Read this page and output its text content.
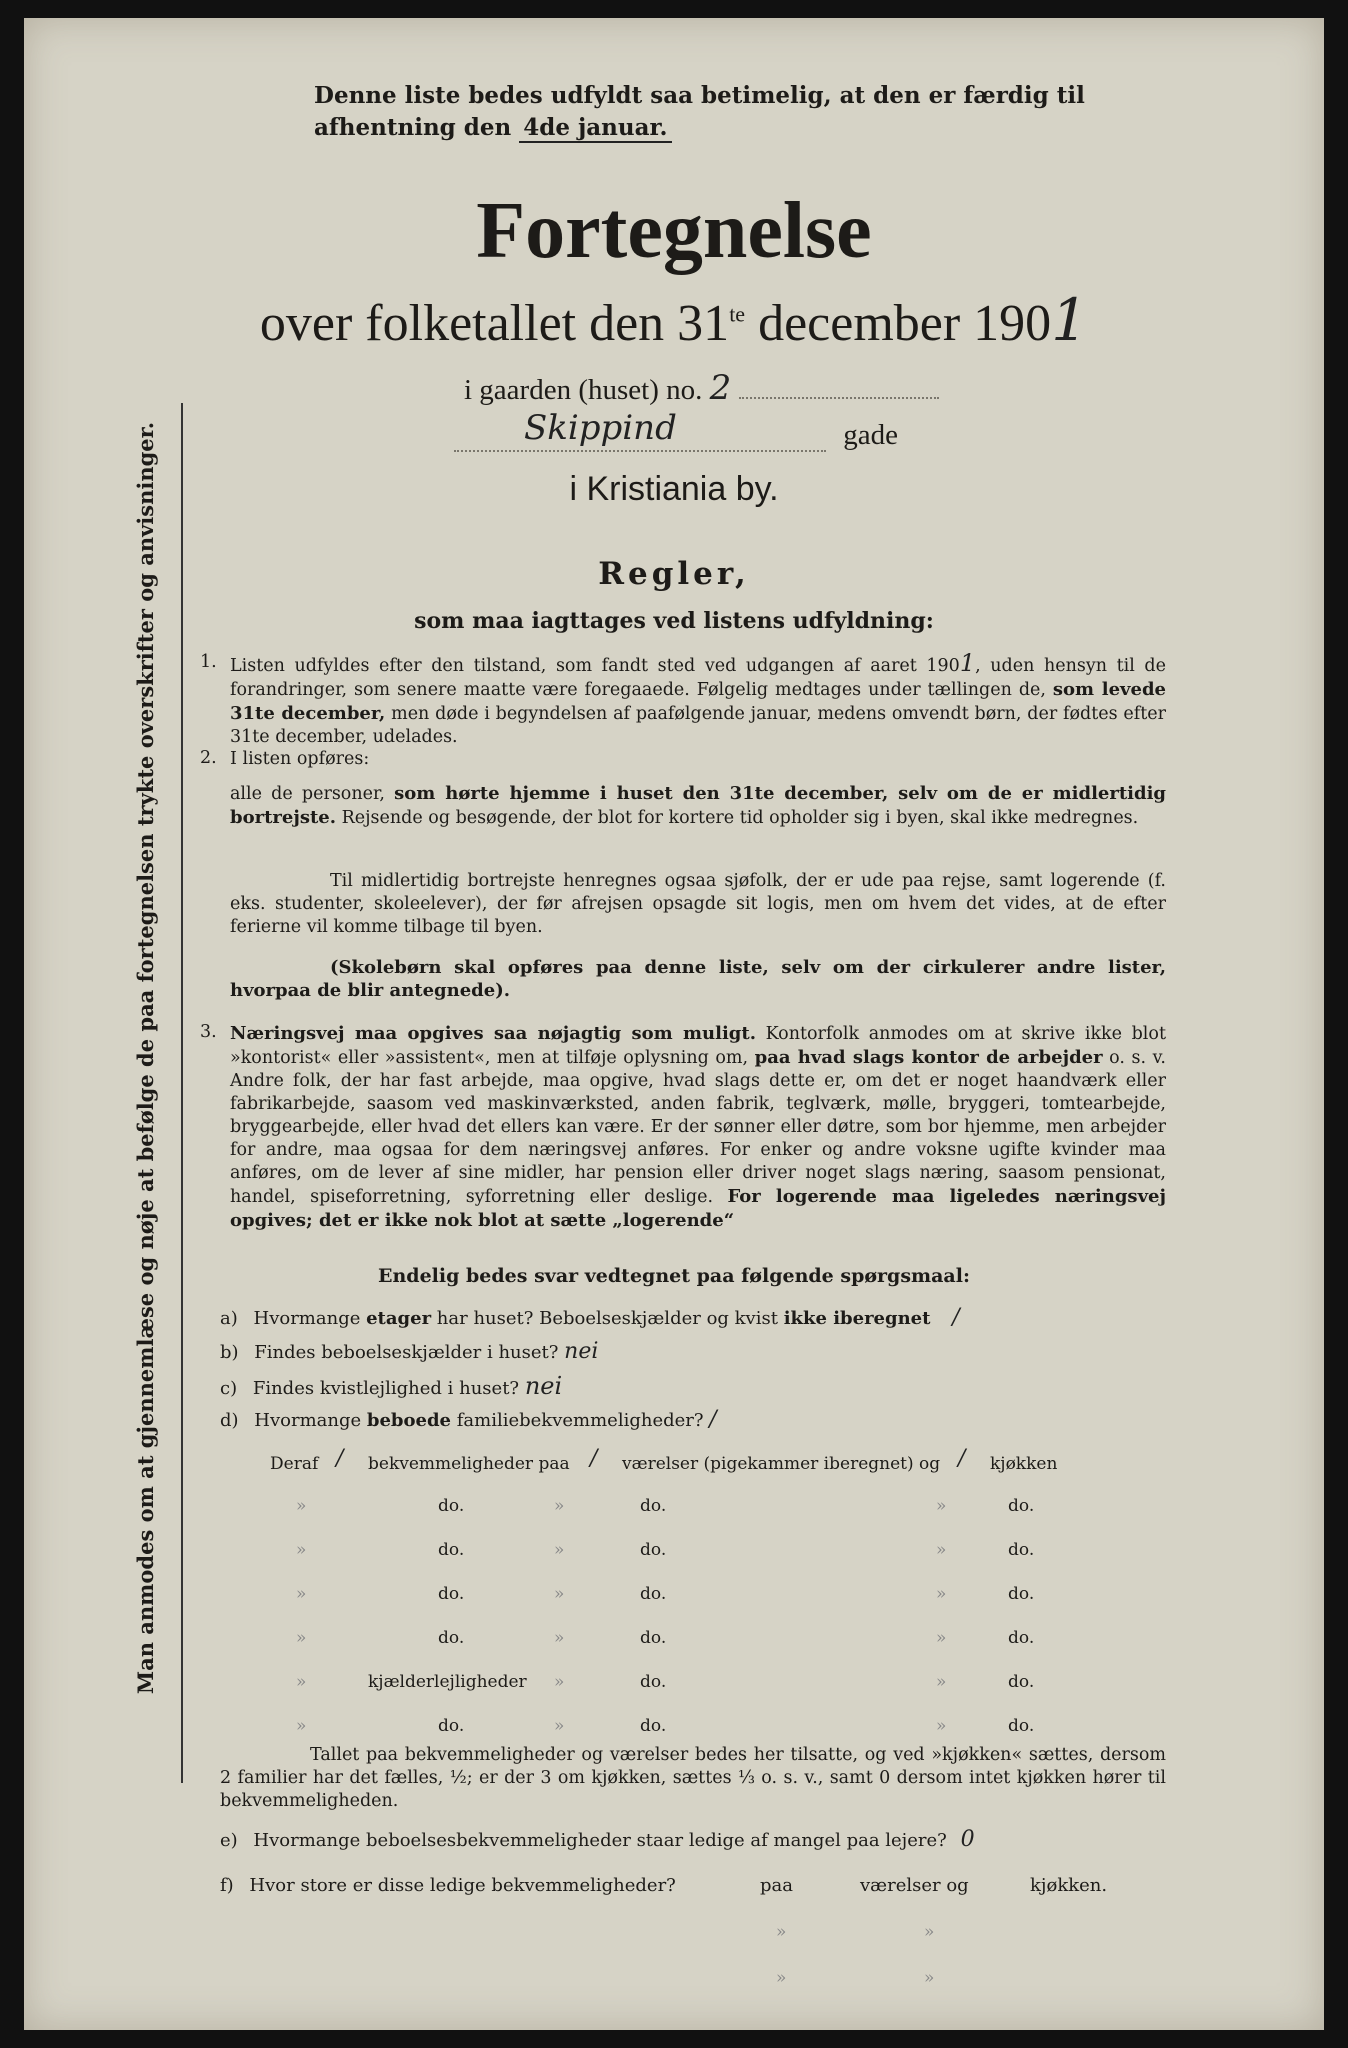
Denne liste bedes udfyldt saa betimelig, at den er færdig til
afhentning den 4de januar.
Fortegnelse
over folketallet den $31^{te}$ december 1901
i gaarden (huset) no. 2
Skippind	gade
i Kristiania by.
Man anmodes om at gjennemlæse og nøje at befølge de paa fortegnelsen trykte overskrifter og anvisninger.	Regler,
som maa iagttages ved listens udfyldning:
1. Listen udfyldes efter den tilstand, som fandt sted ved udgangen af aaret 1901, uden hensyn til de forandringer, som senere maatte være foregaaede. Følgelig medtages under tællingen de, som levede 31te december, men døde i begyndelsen af paafølgende januar, medens omvendt børn, der fødtes efter 31te december, udelades.
2. I listen opføres:
alle de personer, som hørte hjemme i huset den 31te december, selv om de er midlertidig bortrejste. Rejsende og besøgende, der blot for kortere tid opholder sig i byen, skal ikke medregnes.
Til midlertidig bortrejste henregnes ogsaa sjøfolk, der er ude paa rejse, samt logerende (f. eks. studenter, skoleelever), der før afrejsen opsagde sit logis, men om hvem det vides, at de efter ferierne vil komme tilbage til byen.
(Skolebørn skal opføres paa denne liste, selv om der cirkulerer andre lister, hvorpaa de blir antegnede).
3. Næringsvej maa opgives saa nøjagtig som muligt. Kontorfolk anmodes om at skrive ikke blot »kontorist« eller »assistent«, men at tilføje oplysning om, paa hvad slags kontor de arbejder o. s. v. Andre folk, der har fast arbejde, maa opgive, hvad slags dette er, om det er noget haandværk eller fabrikarbejde, saasom ved maskinværksted, anden fabrik, teglværk, mølle, bryggeri, tomtearbejde, bryggearbejde, eller hvad det ellers kan være. Er der sønner eller døtre, som bor hjemme, men arbejder for andre, maa ogsaa for dem næringsvej anføres. For enker og andre voksne ugifte kvinder maa anføres, om de lever af sine midler, har pension eller driver noget slags næring, saasom pensionat, handel, spiseforretning, syforretning eller deslige. For logerende maa ligeledes næringsvej opgives; det er ikke nok blot at sætte „logerende“
Endelig bedes svar vedtegnet paa følgende spørgsmaal:
a) Hvormange etager har huset? Beboelseskjælder og kvist ikke iberegnet /
b) Findes beboelseskjælder i huset? nei
c) Findes kvistlejlighed i huset? nei
d) Hvormange beboede familiebekvemmeligheder? /
Deraf / bekvemmeligheder paa / værelser (pigekammer iberegnet) og / kjøkken
»	do.	»	do.	»	do.
»	do.	»	do.	»	do.
»	do.	»	do.	»	do.
»	do.	»	do.	»	do.
»	kjælderlejligheder »	do.	»	do.
»	do.	»	do.	»	do.
Tallet paa bekvemmeligheder og værelser bedes her tilsatte, og ved »kjøkken« sættes, dersom 2 familier har det fælles, ½; er der 3 om kjøkken, sættes ⅓ o. s. v., samt 0 dersom intet kjøkken hører til bekvemmeligheden.
e) Hvormange beboelsesbekvemmeligheder staar ledige af mangel paa lejere? 0
f) Hvor store er disse ledige bekvemmeligheder?	paa	værelser og	kjøkken.
»	»
»	»
